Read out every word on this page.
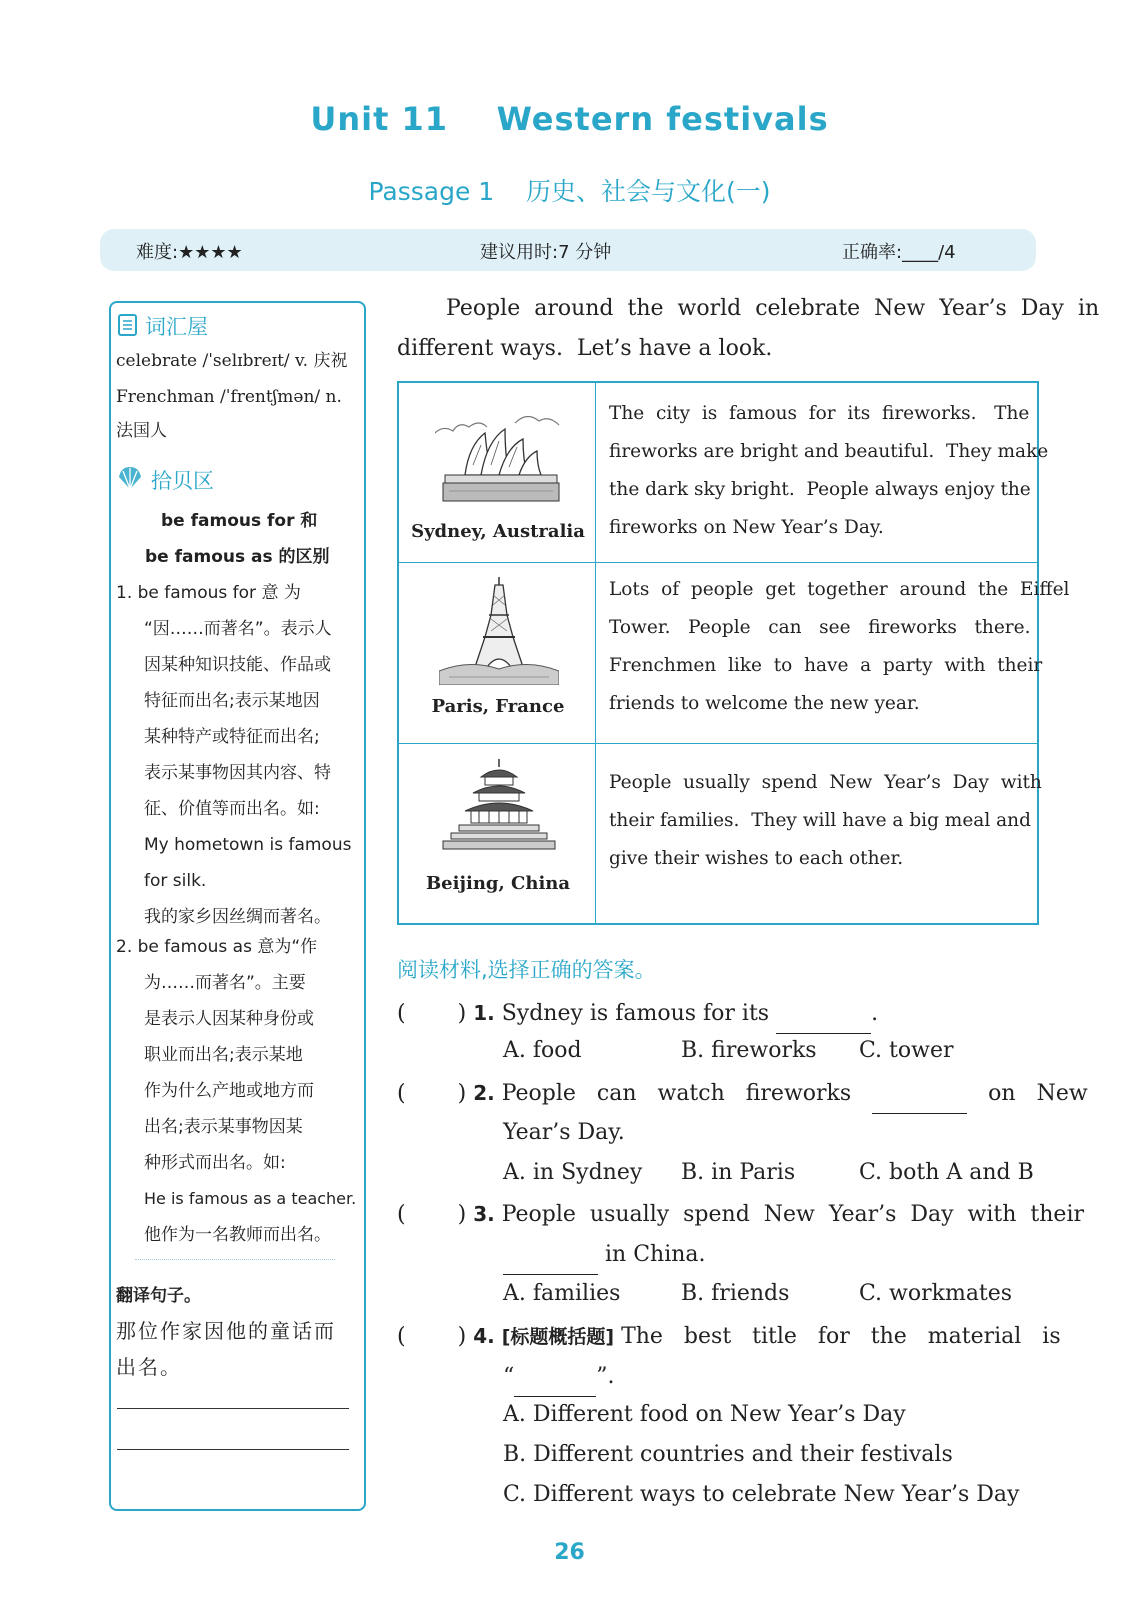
Unit 11    Western festivals
Passage 1    历史、社会与文化(一)
难度:★★★★	建议用时:7 分钟	正确率:____/4
词汇屋
celebrate /ˈselɪbreɪt/ v. 庆祝
Frenchman /ˈfrentʃmən/ n.
法国人
拾贝区
be famous for 和
be famous as 的区别
1. be famous for 意 为
“因……而著名”。表示人
因某种知识技能、作品或
特征而出名;表示某地因
某种特产或特征而出名;
表示某事物因其内容、特
征、价值等而出名。如:
My hometown is famous
for silk.
我的家乡因丝绸而著名。
2. be famous as 意为“作
为……而著名”。主要
是表示人因某种身份或
职业而出名;表示某地
作为什么产地或地方而
出名;表示某事物因某
种形式而出名。如:
He is famous as a teacher.
他作为一名教师而出名。
翻译句子。
那位作家因他的童话而
出名。
People  around  the  world  celebrate  New  Year’s  Day  in
different ways.  Let’s have a look.
Sydney, Australia
The  city  is  famous  for  its  fireworks.   The
fireworks are bright and beautiful.  They make
the dark sky bright.  People always enjoy the
fireworks on New Year’s Day.
Paris, France
Lots  of  people  get  together  around  the  Eiffel
Tower.   People   can   see   fireworks   there.
Frenchmen  like  to  have  a  party  with  their
friends to welcome the new year.
Beijing, China
People  usually  spend  New  Year’s  Day  with
their families.  They will have a big meal and
give their wishes to each other.
阅读材料,选择正确的答案。
( ) 1. Sydney is famous for its	.
A. food	B. fireworks C. tower
( ) 2. People   can   watch   fireworks	on   New
Year’s Day.
A. in Sydney B. in Paris	C. both A and B
( ) 3. People  usually  spend  New  Year’s  Day  with  their
in China.
A. families	B. friends	C. workmates
( ) 4. [标题概括题] The   best   title   for   the   material   is
“	”.
A. Different food on New Year’s Day
B. Different countries and their festivals
C. Different ways to celebrate New Year’s Day
26
